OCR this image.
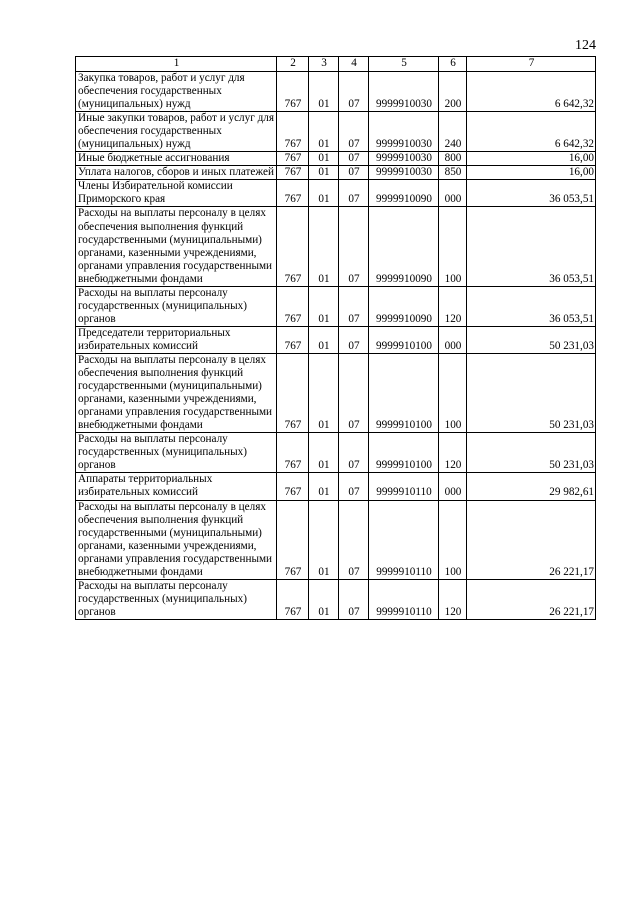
124
1	2	3	4	5	6	7
Закупка товаров, работ и услуг для обеспечения государственных (муниципальных) нужд	767	01	07	9999910030	200	6 642,32
Иные закупки товаров, работ и услуг для обеспечения государственных (муниципальных) нужд	767	01	07	9999910030	240	6 642,32
Иные бюджетные ассигнования	767	01	07	9999910030	800	16,00
Уплата налогов, сборов и иных платежей	767	01	07	9999910030	850	16,00
Члены Избирательной комиссии Приморского края	767	01	07	9999910090	000	36 053,51
Расходы на выплаты персоналу в целях обеспечения выполнения функций государственными (муниципальными) органами, казенными учреждениями, органами управления государственными внебюджетными фондами	767	01	07	9999910090	100	36 053,51
Расходы на выплаты персоналу государственных (муниципальных) органов	767	01	07	9999910090	120	36 053,51
Председатели территориальных избирательных комиссий	767	01	07	9999910100	000	50 231,03
Расходы на выплаты персоналу в целях обеспечения выполнения функций государственными (муниципальными) органами, казенными учреждениями, органами управления государственными внебюджетными фондами	767	01	07	9999910100	100	50 231,03
Расходы на выплаты персоналу государственных (муниципальных) органов	767	01	07	9999910100	120	50 231,03
Аппараты территориальных избирательных комиссий	767	01	07	9999910110	000	29 982,61
Расходы на выплаты персоналу в целях обеспечения выполнения функций государственными (муниципальными) органами, казенными учреждениями, органами управления государственными внебюджетными фондами	767	01	07	9999910110	100	26 221,17
Расходы на выплаты персоналу государственных (муниципальных) органов	767	01	07	9999910110	120	26 221,17
